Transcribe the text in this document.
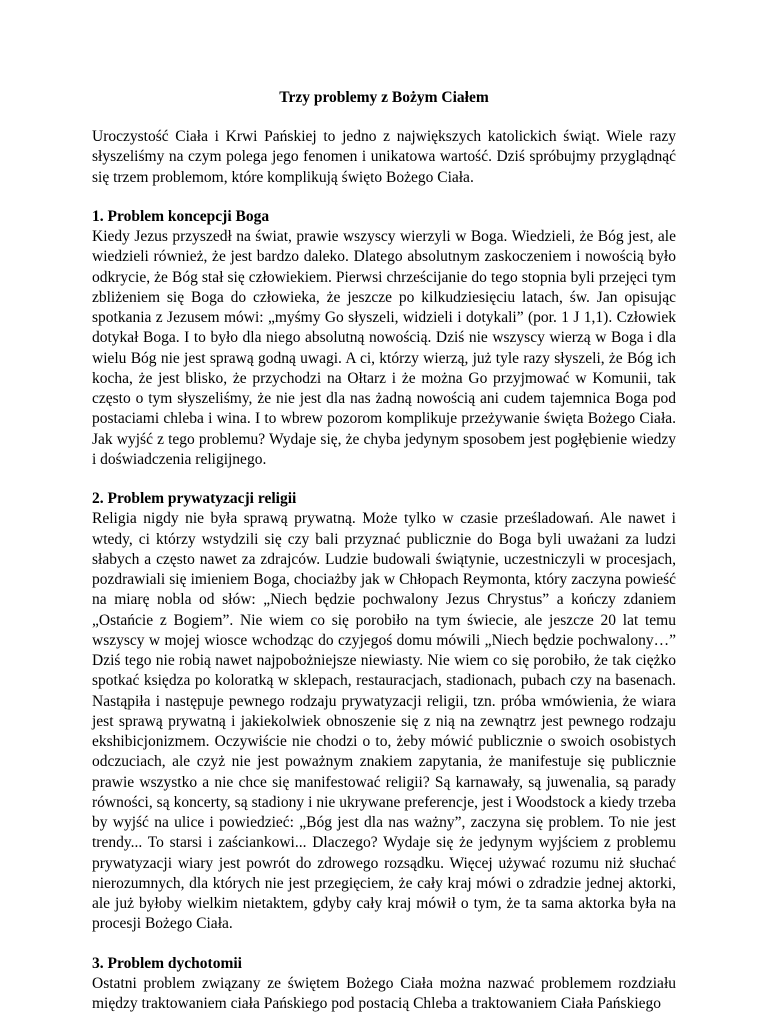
Trzy problemy z Bożym Ciałem

Uroczystość Ciała i Krwi Pańskiej to jedno z największych katolickich świąt. Wiele razy słyszeliśmy na czym polega jego fenomen i unikatowa wartość. Dziś spróbujmy przyglądnąć się trzem problemom, które komplikują święto Bożego Ciała.

1. Problem koncepcji Boga

Kiedy Jezus przyszedł na świat, prawie wszyscy wierzyli w Boga. Wiedzieli, że Bóg jest, ale wiedzieli również, że jest bardzo daleko. Dlatego absolutnym zaskoczeniem i nowością było odkrycie, że Bóg stał się człowiekiem. Pierwsi chrześcijanie do tego stopnia byli przejęci tym zbliżeniem się Boga do człowieka, że jeszcze po kilkudziesięciu latach, św. Jan opisując spotkania z Jezusem mówi: „myśmy Go słyszeli, widzieli i dotykali” (por. 1 J 1,1). Człowiek dotykał Boga. I to było dla niego absolutną nowością. Dziś nie wszyscy wierzą w Boga i dla wielu Bóg nie jest sprawą godną uwagi. A ci, którzy wierzą, już tyle razy słyszeli, że Bóg ich kocha, że jest blisko, że przychodzi na Ołtarz i że można Go przyjmować w Komunii, tak często o tym słyszeliśmy, że nie jest dla nas żadną nowością ani cudem tajemnica Boga pod postaciami chleba i wina. I to wbrew pozorom komplikuje przeżywanie święta Bożego Ciała. Jak wyjść z tego problemu? Wydaje się, że chyba jedynym sposobem jest pogłębienie wiedzy i doświadczenia religijnego.

2. Problem prywatyzacji religii

Religia nigdy nie była sprawą prywatną. Może tylko w czasie prześladowań. Ale nawet i wtedy, ci którzy wstydzili się czy bali przyznać publicznie do Boga byli uważani za ludzi słabych a często nawet za zdrajców. Ludzie budowali świątynie, uczestniczyli w procesjach, pozdrawiali się imieniem Boga, chociażby jak w Chłopach Reymonta, który zaczyna powieść na miarę nobla od słów: „Niech będzie pochwalony Jezus Chrystus” a kończy zdaniem „Ostańcie z Bogiem”. Nie wiem co się porobiło na tym świecie, ale jeszcze 20 lat temu wszyscy w mojej wiosce wchodząc do czyjegoś domu mówili „Niech będzie pochwalony…” Dziś tego nie robią nawet najpobożniejsze niewiasty. Nie wiem co się porobiło, że tak ciężko spotkać księdza po koloratką w sklepach, restauracjach, stadionach, pubach czy na basenach. Nastąpiła i następuje pewnego rodzaju prywatyzacji religii, tzn. próba wmówienia, że wiara jest sprawą prywatną i jakiekolwiek obnoszenie się z nią na zewnątrz jest pewnego rodzaju ekshibicjonizmem. Oczywiście nie chodzi o to, żeby mówić publicznie o swoich osobistych odczuciach, ale czyż nie jest poważnym znakiem zapytania, że manifestuje się publicznie prawie wszystko a nie chce się manifestować religii? Są karnawały, są juwenalia, są parady równości, są koncerty, są stadiony i nie ukrywane preferencje, jest i Woodstock a kiedy trzeba by wyjść na ulice i powiedzieć: „Bóg jest dla nas ważny”, zaczyna się problem. To nie jest trendy... To starsi i zaściankowi... Dlaczego? Wydaje się że jedynym wyjściem z problemu prywatyzacji wiary jest powrót do zdrowego rozsądku. Więcej używać rozumu niż słuchać nierozumnych, dla których nie jest przegięciem, że cały kraj mówi o zdradzie jednej aktorki, ale już byłoby wielkim nietaktem, gdyby cały kraj mówił o tym, że ta sama aktorka była na procesji Bożego Ciała.

3. Problem dychotomii

Ostatni problem związany ze świętem Bożego Ciała można nazwać problemem rozdziału między traktowaniem ciała Pańskiego pod postacią Chleba a traktowaniem Ciała Pańskiego
